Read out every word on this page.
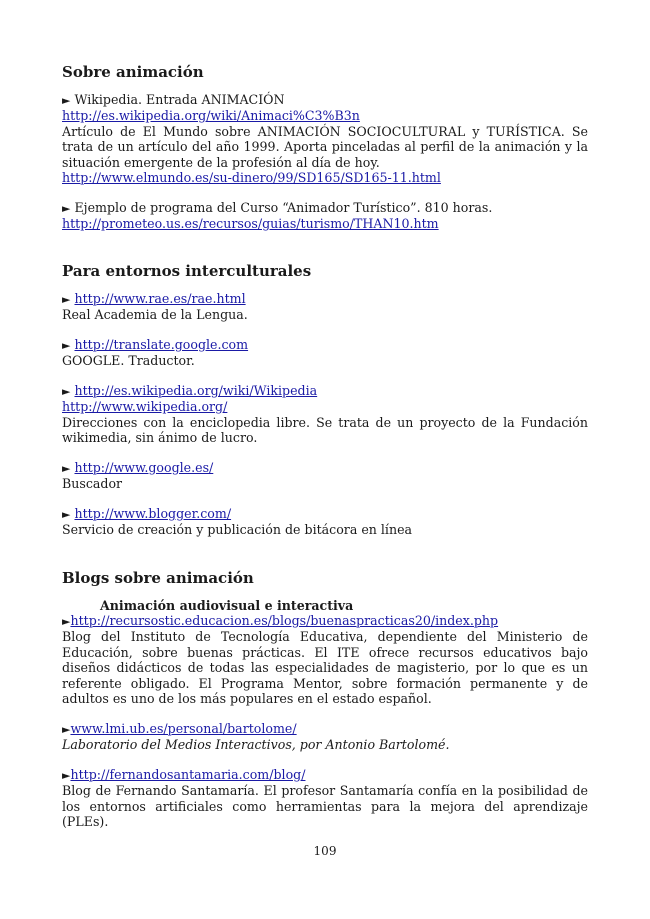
Sobre animación
► Wikipedia. Entrada ANIMACIÓN
http://es.wikipedia.org/wiki/Animaci%C3%B3n
Artículo de El Mundo sobre ANIMACIÓN SOCIOCULTURAL y TURÍSTICA. Se trata de un artículo del año 1999. Aporta pinceladas al perfil de la animación y la situación emergente de la profesión al día de hoy.
http://www.elmundo.es/su-dinero/99/SD165/SD165-11.html
► Ejemplo de programa del Curso “Animador Turístico”. 810 horas.
http://prometeo.us.es/recursos/guias/turismo/THAN10.htm
Para entornos interculturales
► http://www.rae.es/rae.html
Real Academia de la Lengua.
► http://translate.google.com
GOOGLE. Traductor.
► http://es.wikipedia.org/wiki/Wikipedia
http://www.wikipedia.org/
Direcciones con la enciclopedia libre. Se trata de un proyecto de la Fundación wikimedia, sin ánimo de lucro.
► http://www.google.es/
Buscador
► http://www.blogger.com/
Servicio de creación y publicación de bitácora en línea
Blogs sobre animación
Animación audiovisual e interactiva
►http://recursostic.educacion.es/blogs/buenaspracticas20/index.php
Blog del Instituto de Tecnología Educativa, dependiente del Ministerio de Educación, sobre buenas prácticas. El ITE ofrece recursos educativos bajo diseños didácticos de todas las especialidades de magisterio, por lo que es un referente obligado. El Programa Mentor, sobre formación permanente y de adultos es uno de los más populares en el estado español.
►www.lmi.ub.es/personal/bartolome/
Laboratorio del Medios Interactivos, por Antonio Bartolomé.
►http://fernandosantamaria.com/blog/
Blog de Fernando Santamaría. El profesor Santamaría confía en la posibilidad de los entornos artificiales como herramientas para la mejora del aprendizaje (PLEs).
109
